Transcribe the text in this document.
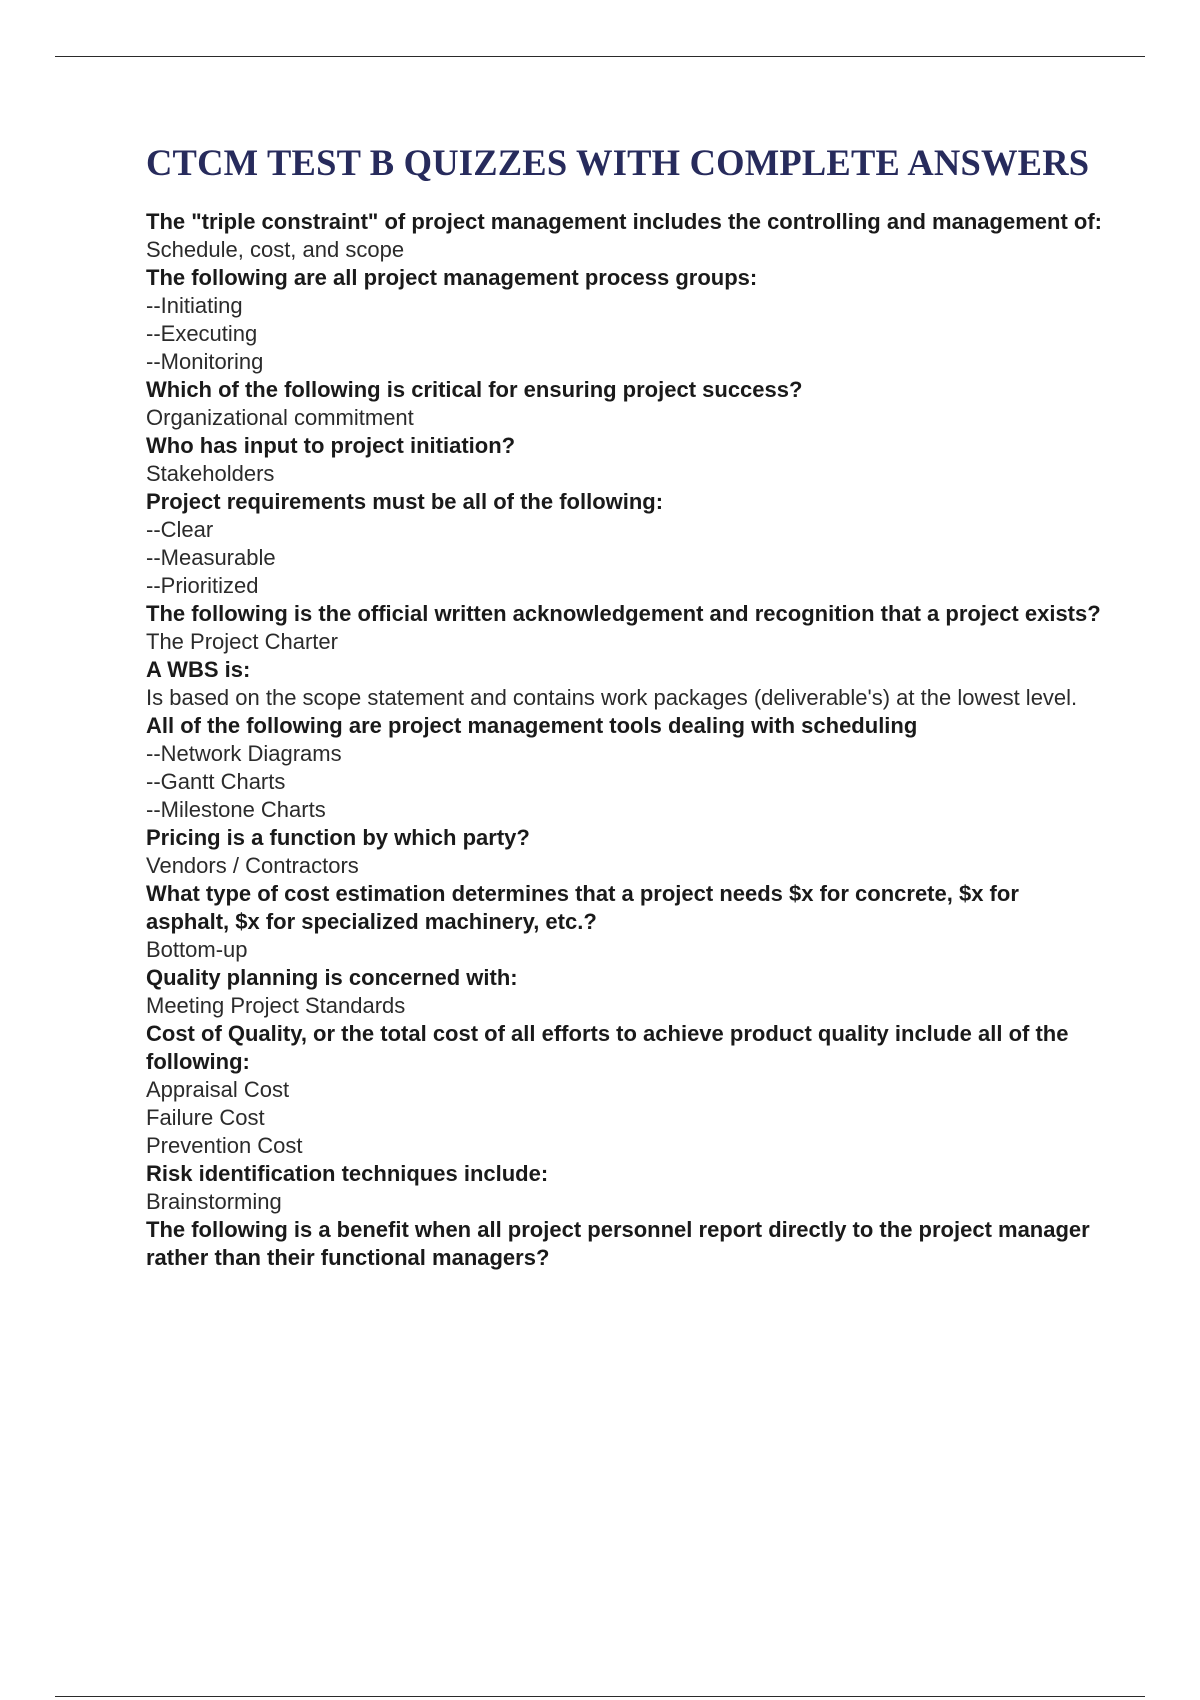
CTCM TEST B QUIZZES WITH COMPLETE ANSWERS
The "triple constraint" of project management includes the controlling and management of:
Schedule, cost, and scope
The following are all project management process groups:
--Initiating
--Executing
--Monitoring
Which of the following is critical for ensuring project success?
Organizational commitment
Who has input to project initiation?
Stakeholders
Project requirements must be all of the following:
--Clear
--Measurable
--Prioritized
The following is the official written acknowledgement and recognition that a project exists?
The Project Charter
A WBS is:
Is based on the scope statement and contains work packages (deliverable's) at the lowest level.
All of the following are project management tools dealing with scheduling
--Network Diagrams
--Gantt Charts
--Milestone Charts
Pricing is a function by which party?
Vendors / Contractors
What type of cost estimation determines that a project needs $x for concrete, $x for asphalt, $x for specialized machinery, etc.?
Bottom-up
Quality planning is concerned with:
Meeting Project Standards
Cost of Quality, or the total cost of all efforts to achieve product quality include all of the following:
Appraisal Cost
Failure Cost
Prevention Cost
Risk identification techniques include:
Brainstorming
The following is a benefit when all project personnel report directly to the project manager rather than their functional managers?
